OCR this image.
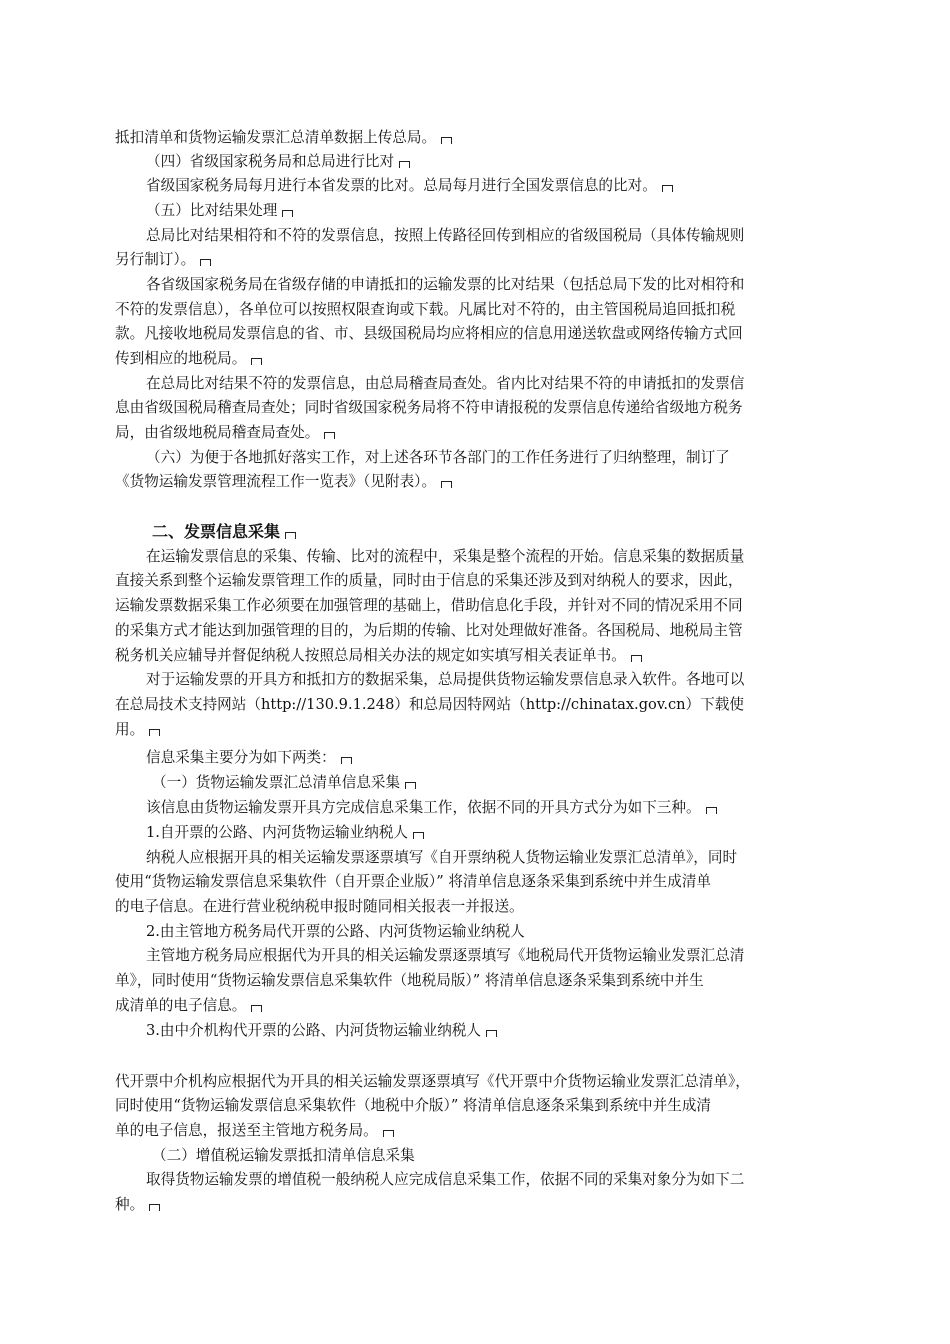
抵扣清单和货物运输发票汇总清单数据上传总局。
（四）省级国家税务局和总局进行比对
省级国家税务局每月进行本省发票的比对。总局每月进行全国发票信息的比对。
（五）比对结果处理
总局比对结果相符和不符的发票信息，按照上传路径回传到相应的省级国税局（具体传输规则
另行制订）。
各省级国家税务局在省级存储的申请抵扣的运输发票的比对结果（包括总局下发的比对相符和
不符的发票信息），各单位可以按照权限查询或下载。凡属比对不符的，由主管国税局追回抵扣税
款。凡接收地税局发票信息的省、市、县级国税局均应将相应的信息用递送软盘或网络传输方式回
传到相应的地税局。
在总局比对结果不符的发票信息，由总局稽查局查处。省内比对结果不符的申请抵扣的发票信
息由省级国税局稽查局查处；同时省级国家税务局将不符申请报税的发票信息传递给省级地方税务
局，由省级地税局稽查局查处。
（六）为便于各地抓好落实工作，对上述各环节各部门的工作任务进行了归纳整理，制订了
《货物运输发票管理流程工作一览表》（见附表）。
二、发票信息采集
在运输发票信息的采集、传输、比对的流程中，采集是整个流程的开始。信息采集的数据质量
直接关系到整个运输发票管理工作的质量，同时由于信息的采集还涉及到对纳税人的要求，因此，
运输发票数据采集工作必须要在加强管理的基础上，借助信息化手段，并针对不同的情况采用不同
的采集方式才能达到加强管理的目的，为后期的传输、比对处理做好准备。各国税局、地税局主管
税务机关应辅导并督促纳税人按照总局相关办法的规定如实填写相关表证单书。
对于运输发票的开具方和抵扣方的数据采集，总局提供货物运输发票信息录入软件。各地可以
在总局技术支持网站（http://130.9.1.248）和总局因特网站（http://chinatax.gov.cn）下载使
用。
信息采集主要分为如下两类：
（一）货物运输发票汇总清单信息采集
该信息由货物运输发票开具方完成信息采集工作，依据不同的开具方式分为如下三种。
1.自开票的公路、内河货物运输业纳税人
纳税人应根据开具的相关运输发票逐票填写《自开票纳税人货物运输业发票汇总清单》，同时
使用“货物运输发票信息采集软件（自开票企业版）” 将清单信息逐条采集到系统中并生成清单
的电子信息。在进行营业税纳税申报时随同相关报表一并报送。
2.由主管地方税务局代开票的公路、内河货物运输业纳税人
主管地方税务局应根据代为开具的相关运输发票逐票填写《地税局代开货物运输业发票汇总清
单》，同时使用“货物运输发票信息采集软件（地税局版）” 将清单信息逐条采集到系统中并生
成清单的电子信息。
3.由中介机构代开票的公路、内河货物运输业纳税人
代开票中介机构应根据代为开具的相关运输发票逐票填写《代开票中介货物运输业发票汇总清单》，
同时使用“货物运输发票信息采集软件（地税中介版）” 将清单信息逐条采集到系统中并生成清
单的电子信息，报送至主管地方税务局。
（二）增值税运输发票抵扣清单信息采集
取得货物运输发票的增值税一般纳税人应完成信息采集工作，依据不同的采集对象分为如下二
种。
